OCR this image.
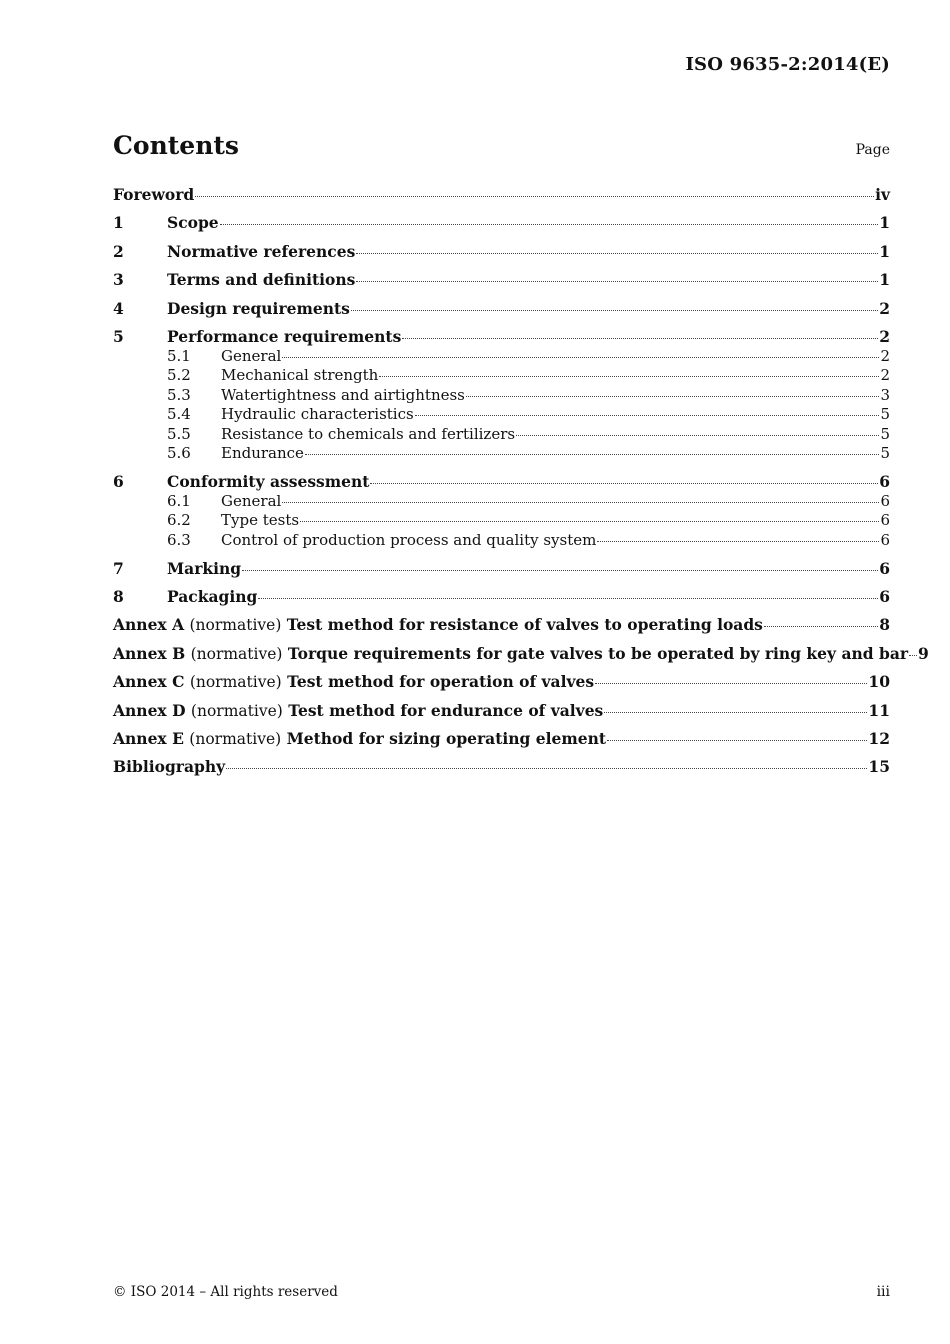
ISO 9635-2:2014(E)
Contents	Page
Foreword	iv
1	Scope	1
2	Normative references	1
3	Terms and definitions	1
4	Design requirements	2
5	Performance requirements	2
5.1	General	2
5.2	Mechanical strength	2
5.3	Watertightness and airtightness	3
5.4	Hydraulic characteristics	5
5.5	Resistance to chemicals and fertilizers	5
5.6	Endurance	5
6	Conformity assessment	6
6.1	General	6
6.2	Type tests	6
6.3	Control of production process and quality system	6
7	Marking	6
8	Packaging	6
Annex A (normative) Test method for resistance of valves to operating loads	8
Annex B (normative) Torque requirements for gate valves to be operated by ring key and bar 9
Annex C (normative) Test method for operation of valves	10
Annex D (normative) Test method for endurance of valves	11
Annex E (normative) Method for sizing operating element	12
Bibliography	15
© ISO 2014 – All rights reserved	iii
